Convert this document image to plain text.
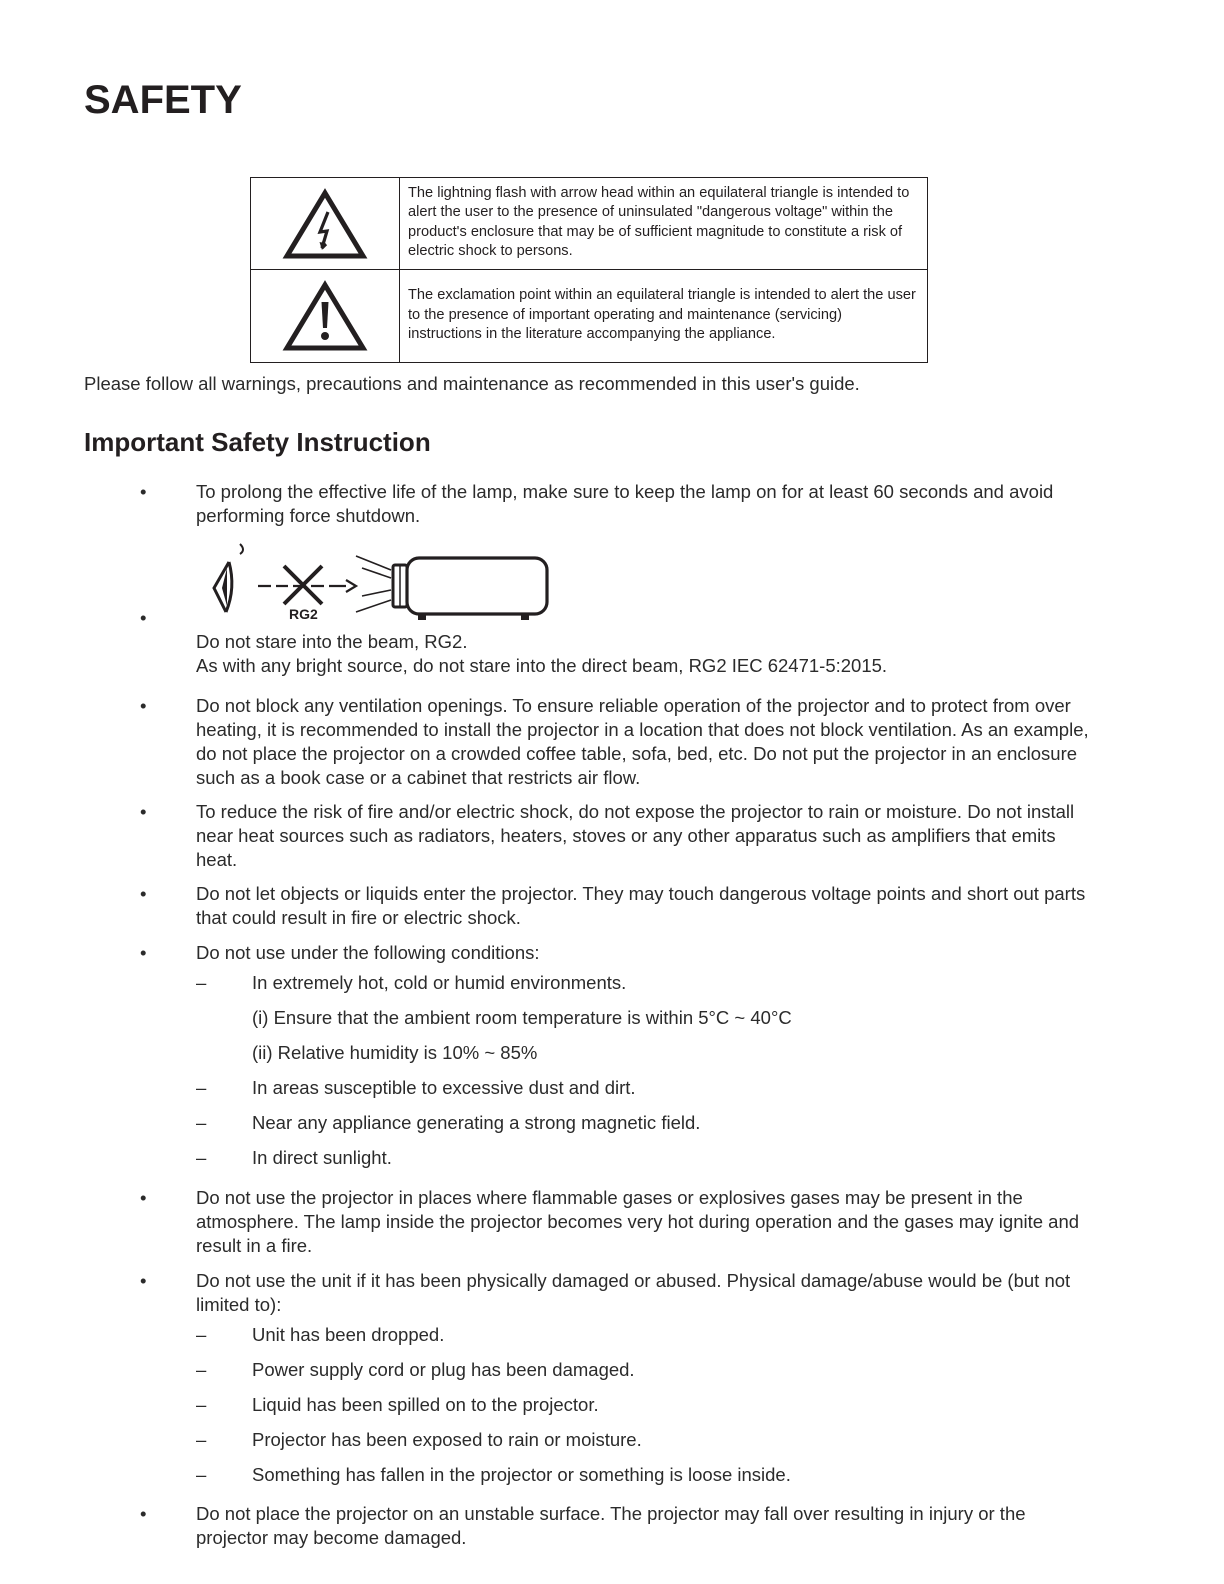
SAFETY
	The lightning flash with arrow head within an equilateral triangle is intended to alert the user to the presence of uninsulated "dangerous voltage" within the product's enclosure that may be of sufficient magnitude to constitute a risk of electric shock to persons.

	The exclamation point within an equilateral triangle is intended to alert the user to the presence of important operating and maintenance (servicing) instructions in the literature accompanying the appliance.
Please follow all warnings, precautions and maintenance as recommended in this user's guide.
Important Safety Instruction
•	To prolong the effective life of the lamp, make sure to keep the lamp on for at least 60 seconds and avoid performing force shutdown.

•	RG2
Do not stare into the beam, RG2.
As with any bright source, do not stare into the direct beam, RG2 IEC 62471-5:2015.
•	Do not block any ventilation openings. To ensure reliable operation of the projector and to protect from over heating, it is recommended to install the projector in a location that does not block ventilation. As an example, do not place the projector on a crowded coffee table, sofa, bed, etc. Do not put the projector in an enclosure such as a book case or a cabinet that restricts air flow.

•	To reduce the risk of fire and/or electric shock, do not expose the projector to rain or moisture. Do not install near heat sources such as radiators, heaters, stoves or any other apparatus such as amplifiers that emits heat.

•	Do not let objects or liquids enter the projector. They may touch dangerous voltage points and short out parts that could result in fire or electric shock.

•	Do not use under the following conditions:

– In extremely hot, cold or humid environments.
(i) Ensure that the ambient room temperature is within 5°C ~ 40°C
(ii) Relative humidity is 10% ~ 85%
– In areas susceptible to excessive dust and dirt.
– Near any appliance generating a strong magnetic field.
– In direct sunlight.
•	Do not use the projector in places where flammable gases or explosives gases may be present in the atmosphere. The lamp inside the projector becomes very hot during operation and the gases may ignite and result in a fire.

•	Do not use the unit if it has been physically damaged or abused. Physical damage/abuse would be (but not limited to):

– Unit has been dropped.
– Power supply cord or plug has been damaged.
– Liquid has been spilled on to the projector.
– Projector has been exposed to rain or moisture.
– Something has fallen in the projector or something is loose inside.
•	Do not place the projector on an unstable surface. The projector may fall over resulting in injury or the projector may become damaged.
